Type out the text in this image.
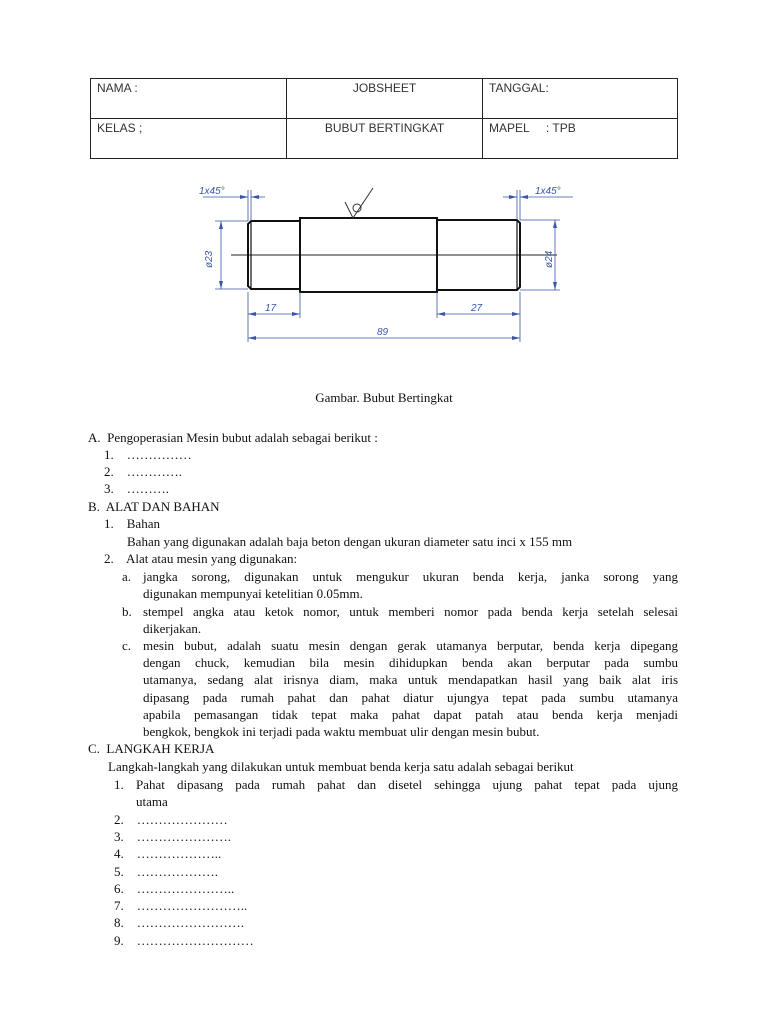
NAMA :	JOBSHEET	TANGGAL:
KELAS ;	BUBUT BERTINGKAT	MAPEL     : TPB
1x45°	1x45°
ø23	ø24
17	27
89
Gambar. Bubut Bertingkat
A.  Pengoperasian Mesin bubut adalah sebagai berikut :
1.    ……………
2.    ………….
3.    ……….
B.  ALAT DAN BAHAN
1.    Bahan
Bahan yang digunakan adalah baja beton dengan ukuran diameter satu inci x 155 mm
2.    Alat atau mesin yang digunakan:
a. jangka sorong, digunakan untuk mengukur ukuran benda kerja, janka sorong yang
digunakan mempunyai ketelitian 0.05mm.
b. stempel angka atau ketok nomor, untuk memberi nomor pada benda kerja setelah selesai
dikerjakan.
c. mesin bubut, adalah suatu mesin dengan gerak utamanya berputar, benda kerja dipegang
dengan chuck, kemudian bila mesin dihidupkan benda akan berputar pada sumbu
utamanya, sedang alat irisnya diam, maka untuk mendapatkan hasil yang baik alat iris
dipasang pada rumah pahat dan pahat diatur ujungya tepat pada sumbu utamanya
apabila pemasangan tidak tepat maka pahat dapat patah atau benda kerja menjadi
bengkok, bengkok ini terjadi pada waktu membuat ulir dengan mesin bubut.
C.  LANGKAH KERJA
Langkah-langkah yang dilakukan untuk membuat benda kerja satu adalah sebagai berikut
1. Pahat dipasang pada rumah pahat dan disetel sehingga ujung pahat tepat pada ujung
utama
2.    …………………
3.    ………………….
4.    ………………..
5.    ……………….
6.    …………………..
7.    ……………………..
8.    …………………….
9.    ………………………
